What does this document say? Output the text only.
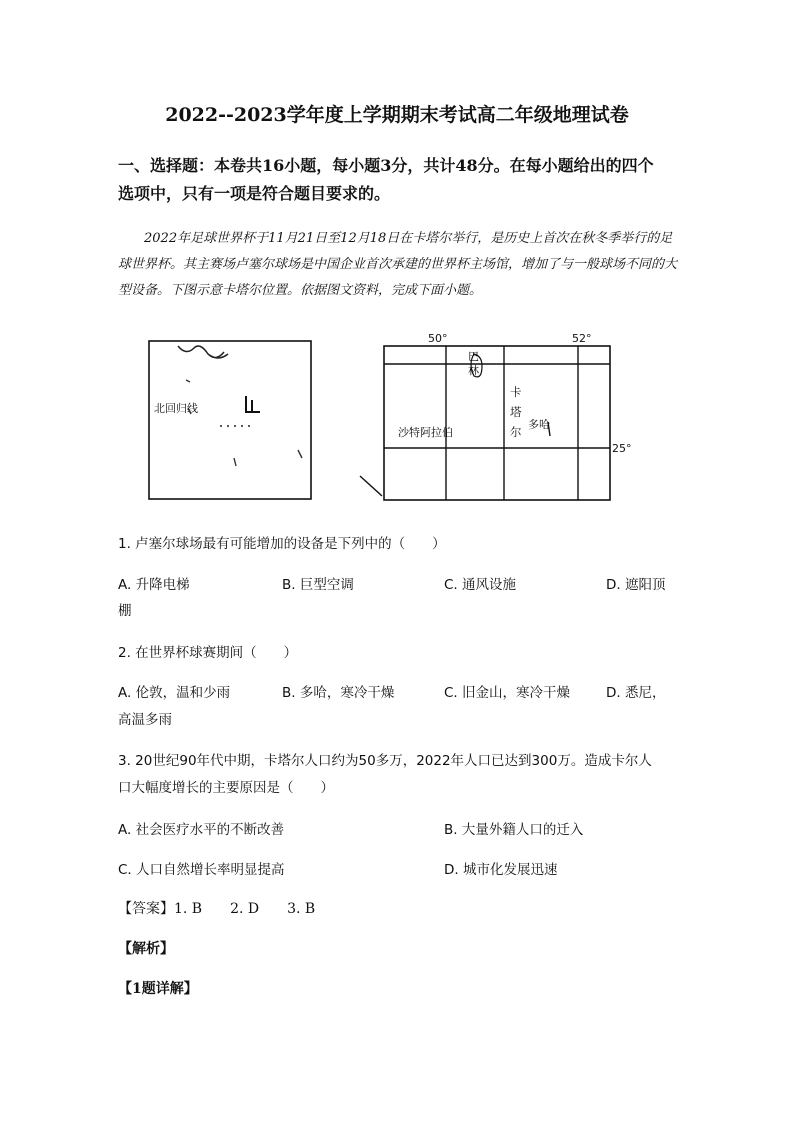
2022--2023学年度上学期期末考试高二年级地理试卷
一、选择题：本卷共16小题，每小题3分，共计48分。在每小题给出的四个
选项中，只有一项是符合题目要求的。
2022年足球世界杯于11月21日至12月18日在卡塔尔举行，是历史上首次在秋冬季举行的足球世界杯。其主赛场卢塞尔球场是中国企业首次承建的世界杯主场馆，增加了与一般球场不同的大型设备。下图示意卡塔尔位置。依据图文资料，完成下面小题。
北回归线
50°	52°
25°
巴
林
卡
塔
尔
多哈
沙特阿拉伯
1. 卢塞尔球场最有可能增加的设备是下列中的（　　）
A. 升降电梯	B. 巨型空调	C. 通风设施	D. 遮阳顶
棚
2. 在世界杯球赛期间（　　）
A. 伦敦，温和少雨	B. 多哈，寒冷干燥	C. 旧金山，寒冷干燥	D. 悉尼，
高温多雨
3. 20世纪90年代中期，卡塔尔人口约为50多万，2022年人口已达到300万。造成卡尔人
口大幅度增长的主要原因是（　　）
A. 社会医疗水平的不断改善	B. 大量外籍人口的迁入
C. 人口自然增长率明显提高	D. 城市化发展迅速
【答案】1. B　　2. D　　3. B
【解析】
【1题详解】
